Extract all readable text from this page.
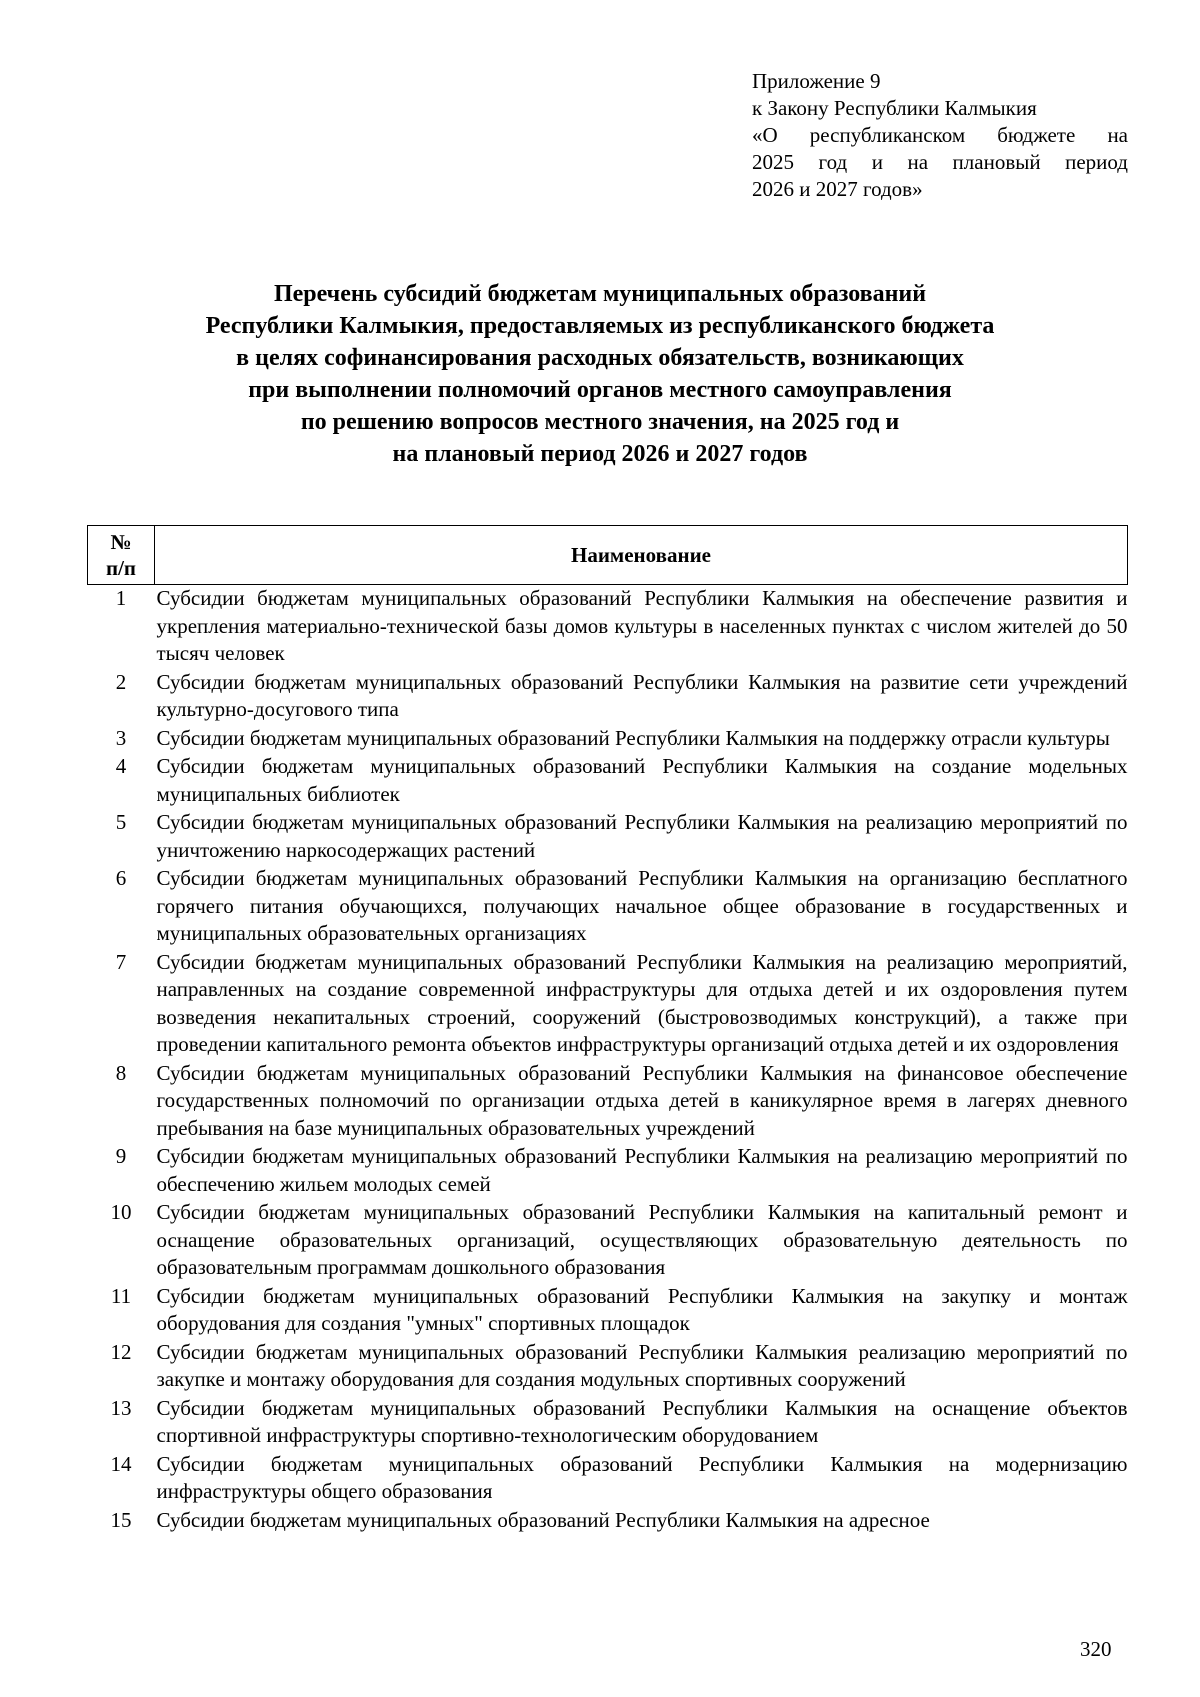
Приложение 9
к Закону Республики Калмыкия
«О республиканском бюджете на
2025 год и на плановый период
2026 и 2027 годов»
Перечень субсидий бюджетам муниципальных образований
Республики Калмыкия, предоставляемых из республиканского бюджета
в целях софинансирования расходных обязательств, возникающих
при выполнении полномочий органов местного самоуправления
по решению вопросов местного значения, на 2025 год и
на плановый период 2026 и 2027 годов
№
п/п	Наименование
1	Субсидии бюджетам муниципальных образований Республики Калмыкия на обеспечение развития и укрепления материально-технической базы домов культуры в населенных пунктах с числом жителей до 50 тысяч человек
2	Субсидии бюджетам муниципальных образований Республики Калмыкия на развитие сети учреждений культурно-досугового типа
3	Субсидии бюджетам муниципальных образований Республики Калмыкия на поддержку отрасли культуры
4	Субсидии бюджетам муниципальных образований Республики Калмыкия на создание модельных муниципальных библиотек
5	Субсидии бюджетам муниципальных образований Республики Калмыкия на реализацию мероприятий по уничтожению наркосодержащих растений
6	Субсидии бюджетам муниципальных образований Республики Калмыкия на организацию бесплатного горячего питания обучающихся, получающих начальное общее образование в государственных и муниципальных образовательных организациях
7	Субсидии бюджетам муниципальных образований Республики Калмыкия на реализацию мероприятий, направленных на создание современной инфраструктуры для отдыха детей и их оздоровления путем возведения некапитальных строений, сооружений (быстровозводимых конструкций), а также при проведении капитального ремонта объектов инфраструктуры организаций отдыха детей и их оздоровления
8	Субсидии бюджетам муниципальных образований Республики Калмыкия на финансовое обеспечение государственных полномочий по организации отдыха детей в каникулярное время в лагерях дневного пребывания на базе муниципальных образовательных учреждений
9	Субсидии бюджетам муниципальных образований Республики Калмыкия на реализацию мероприятий по обеспечению жильем молодых семей
10	Субсидии бюджетам муниципальных образований Республики Калмыкия на капитальный ремонт и оснащение образовательных организаций, осуществляющих образовательную деятельность по образовательным программам дошкольного образования
11	Субсидии бюджетам муниципальных образований Республики Калмыкия на закупку и монтаж оборудования для создания "умных" спортивных площадок
12	Субсидии бюджетам муниципальных образований Республики Калмыкия реализацию мероприятий по закупке и монтажу оборудования для создания модульных спортивных сооружений
13	Субсидии бюджетам муниципальных образований Республики Калмыкия на оснащение объектов спортивной инфраструктуры спортивно-технологическим оборудованием
14	Субсидии бюджетам муниципальных образований Республики Калмыкия на модернизацию инфраструктуры общего образования
15	Субсидии бюджетам муниципальных образований Республики Калмыкия на адресное
320
